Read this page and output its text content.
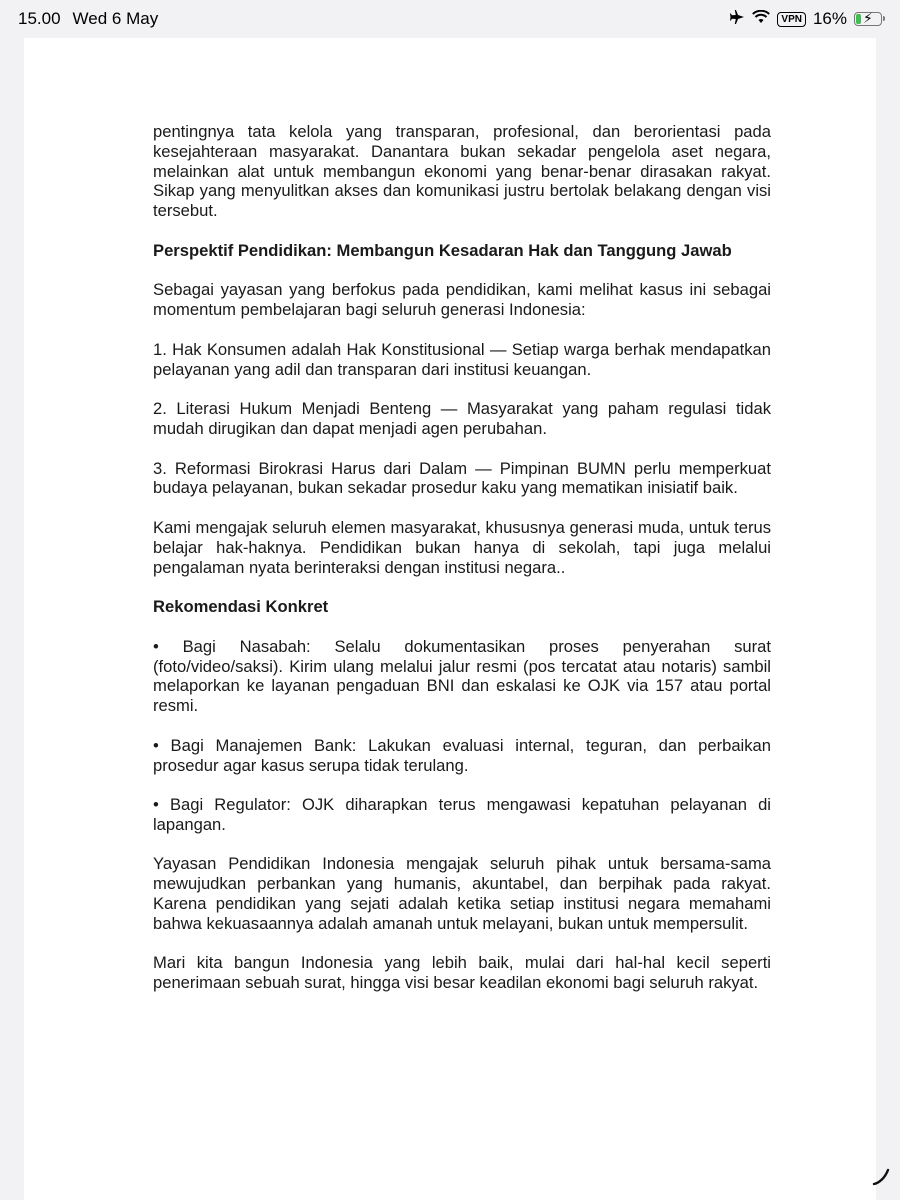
15.00 Wed 6 May	VPN 16% ⚡

pentingnya tata kelola yang transparan, profesional, dan berorientasi pada kesejahteraan masyarakat. Danantara bukan sekadar pengelola aset negara, melainkan alat untuk membangun ekonomi yang benar-benar dirasakan rakyat. Sikap yang menyulitkan akses dan komunikasi justru bertolak belakang dengan visi tersebut.

Perspektif Pendidikan: Membangun Kesadaran Hak dan Tanggung Jawab

Sebagai yayasan yang berfokus pada pendidikan, kami melihat kasus ini sebagai momentum pembelajaran bagi seluruh generasi Indonesia:

1. Hak Konsumen adalah Hak Konstitusional — Setiap warga berhak mendapatkan pelayanan yang adil dan transparan dari institusi keuangan.

2. Literasi Hukum Menjadi Benteng — Masyarakat yang paham regulasi tidak mudah dirugikan dan dapat menjadi agen perubahan.

3. Reformasi Birokrasi Harus dari Dalam — Pimpinan BUMN perlu memperkuat budaya pelayanan, bukan sekadar prosedur kaku yang mematikan inisiatif baik.

Kami mengajak seluruh elemen masyarakat, khususnya generasi muda, untuk terus belajar hak-haknya. Pendidikan bukan hanya di sekolah, tapi juga melalui pengalaman nyata berinteraksi dengan institusi negara..

Rekomendasi Konkret

• Bagi Nasabah: Selalu dokumentasikan proses penyerahan surat (foto/video/saksi). Kirim ulang melalui jalur resmi (pos tercatat atau notaris) sambil melaporkan ke layanan pengaduan BNI dan eskalasi ke OJK via 157 atau portal resmi.

• Bagi Manajemen Bank: Lakukan evaluasi internal, teguran, dan perbaikan prosedur agar kasus serupa tidak terulang.

• Bagi Regulator: OJK diharapkan terus mengawasi kepatuhan pelayanan di lapangan.

Yayasan Pendidikan Indonesia mengajak seluruh pihak untuk bersama-sama mewujudkan perbankan yang humanis, akuntabel, dan berpihak pada rakyat. Karena pendidikan yang sejati adalah ketika setiap institusi negara memahami bahwa kekuasaannya adalah amanah untuk melayani, bukan untuk mempersulit.

Mari kita bangun Indonesia yang lebih baik, mulai dari hal-hal kecil seperti penerimaan sebuah surat, hingga visi besar keadilan ekonomi bagi seluruh rakyat.
